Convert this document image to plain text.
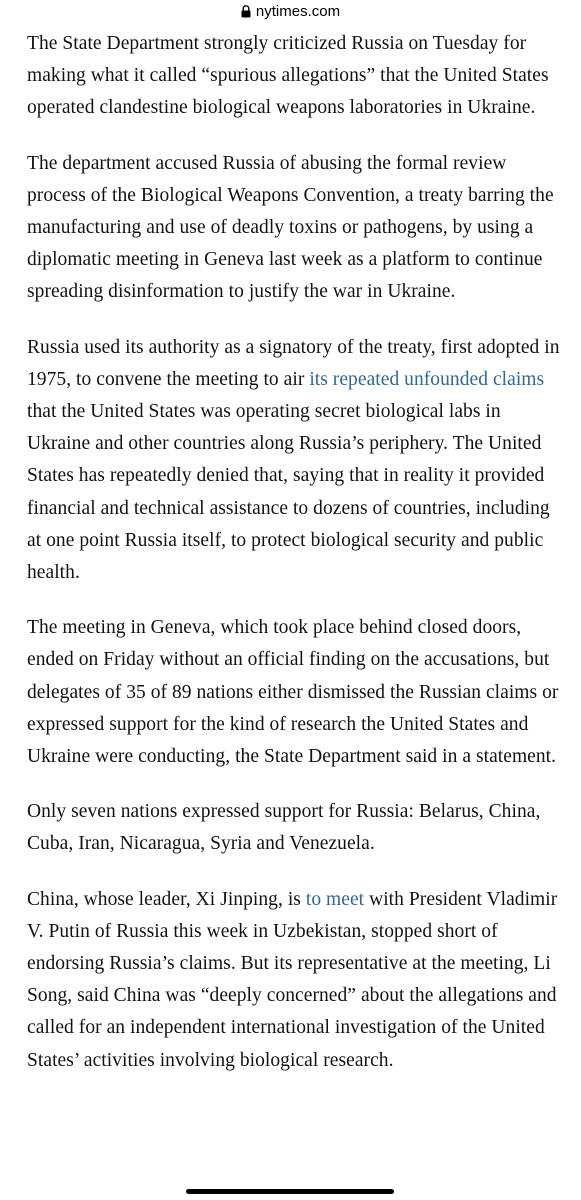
nytimes.com

The State Department strongly criticized Russia on Tuesday for making what it called “spurious allegations” that the United States operated clandestine biological weapons laboratories in Ukraine.

The department accused Russia of abusing the formal review process of the Biological Weapons Convention, a treaty barring the manufacturing and use of deadly toxins or pathogens, by using a diplomatic meeting in Geneva last week as a platform to continue spreading disinformation to justify the war in Ukraine.

Russia used its authority as a signatory of the treaty, first adopted in 1975, to convene the meeting to air its repeated unfounded claims that the United States was operating secret biological labs in Ukraine and other countries along Russia’s periphery. The United States has repeatedly denied that, saying that in reality it provided financial and technical assistance to dozens of countries, including at one point Russia itself, to protect biological security and public health.

The meeting in Geneva, which took place behind closed doors, ended on Friday without an official finding on the accusations, but delegates of 35 of 89 nations either dismissed the Russian claims or expressed support for the kind of research the United States and Ukraine were conducting, the State Department said in a statement.

Only seven nations expressed support for Russia: Belarus, China, Cuba, Iran, Nicaragua, Syria and Venezuela.

China, whose leader, Xi Jinping, is to meet with President Vladimir V. Putin of Russia this week in Uzbekistan, stopped short of endorsing Russia’s claims. But its representative at the meeting, Li Song, said China was “deeply concerned” about the allegations and called for an independent international investigation of the United States’ activities involving biological research.
